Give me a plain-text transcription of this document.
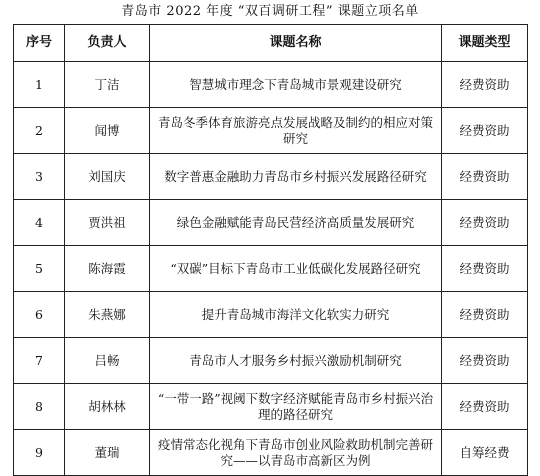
青岛市 2022 年度 “双百调研工程” 课题立项名单
序号	负责人	课题名称	课题类型
1	丁洁	智慧城市理念下青岛城市景观建设研究	经费资助
2	闻博	青岛冬季体育旅游亮点发展战略及制约的相应对策研究	经费资助
3	刘国庆	数字普惠金融助力青岛市乡村振兴发展路径研究	经费资助
4	贾洪祖	绿色金融赋能青岛民营经济高质量发展研究	经费资助
5	陈海霞	“双碳”目标下青岛市工业低碳化发展路径研究	经费资助
6	朱燕娜	提升青岛城市海洋文化软实力研究	经费资助
7	吕畅	青岛市人才服务乡村振兴激励机制研究	经费资助
8	胡林林	“一带一路”视阈下数字经济赋能青岛市乡村振兴治理的路径研究	经费资助
9	董瑞	疫情常态化视角下青岛市创业风险救助机制完善研究——以青岛市高新区为例	自筹经费
